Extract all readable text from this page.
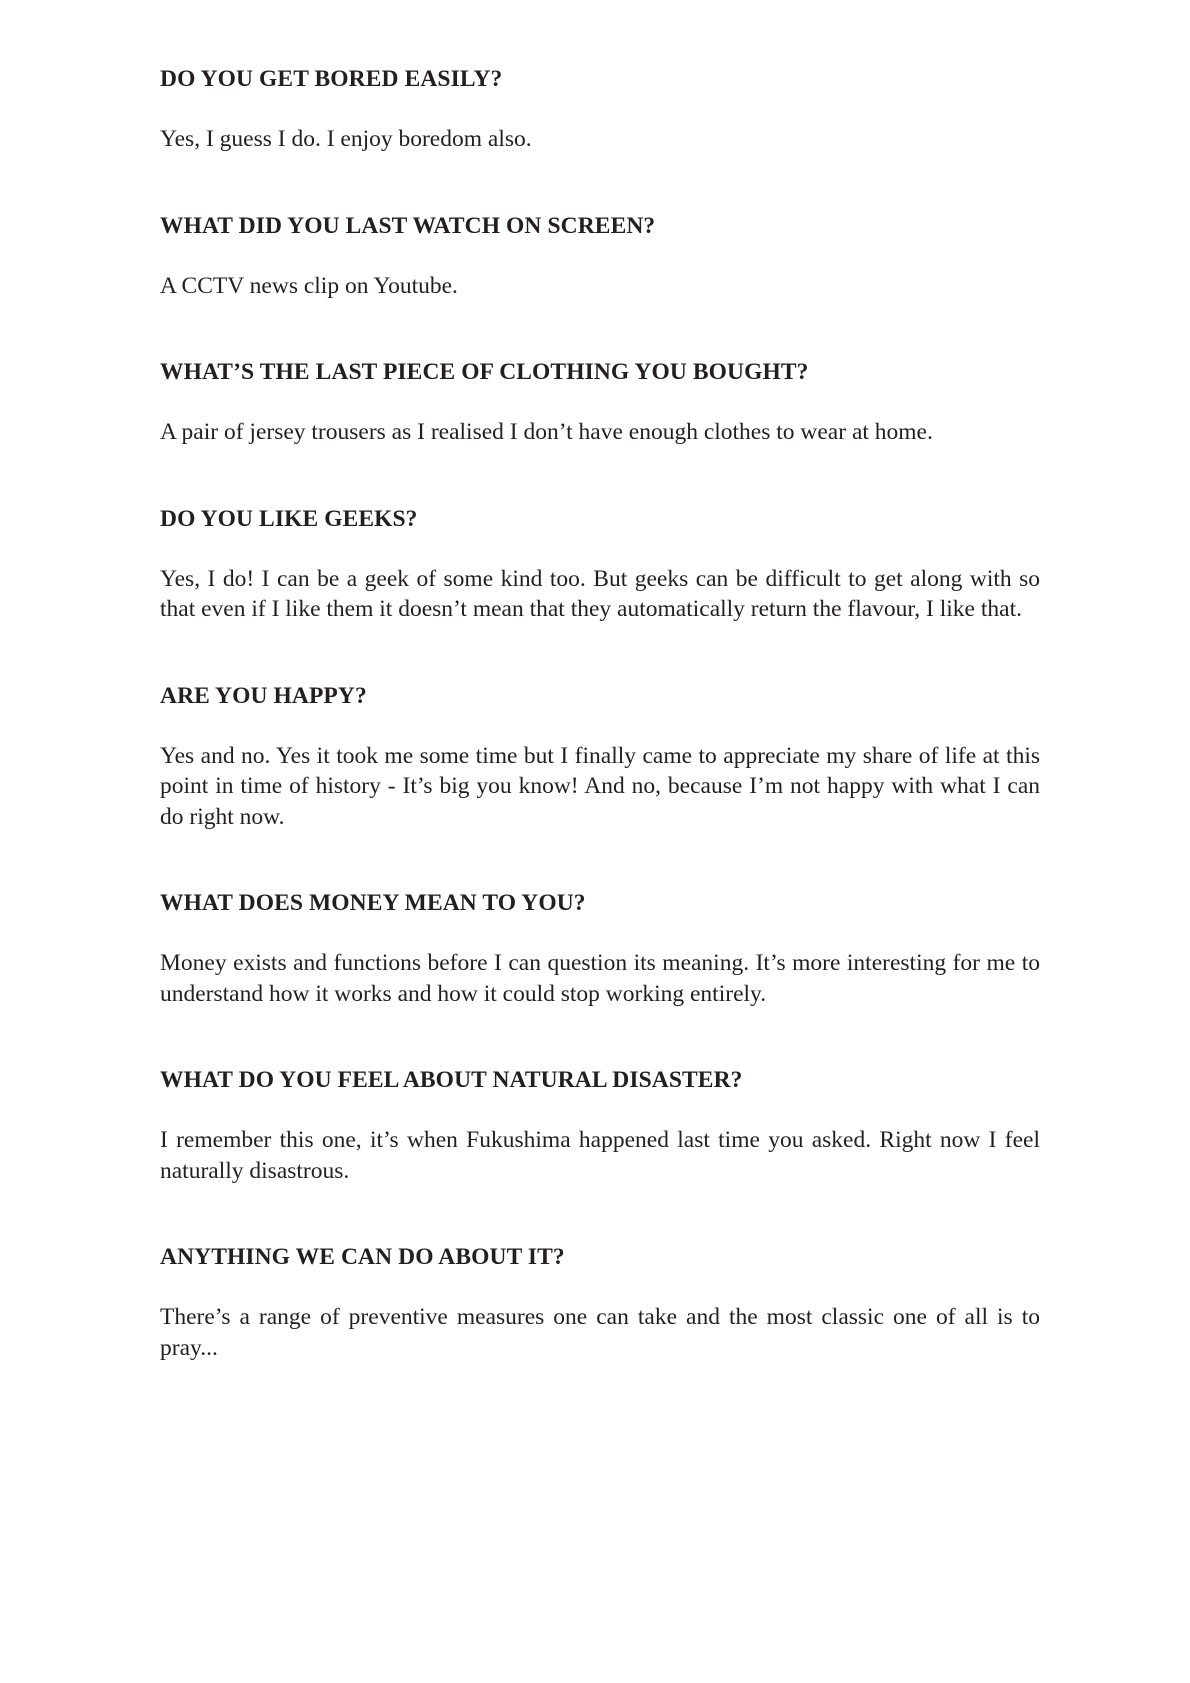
DO YOU GET BORED EASILY?

Yes, I guess I do. I enjoy boredom also.

WHAT DID YOU LAST WATCH ON SCREEN?

A CCTV news clip on Youtube.

WHAT’S THE LAST PIECE OF CLOTHING YOU BOUGHT?

A pair of jersey trousers as I realised I don’t have enough clothes to wear at home.

DO YOU LIKE GEEKS?

Yes, I do! I can be a geek of some kind too. But geeks can be difficult to get along with so that even if I like them it doesn’t mean that they automatically return the flavour, I like that.

ARE YOU HAPPY?

Yes and no. Yes it took me some time but I finally came to appreciate my share of life at this point in time of history - It’s big you know! And no, because I’m not happy with what I can do right now.

WHAT DOES MONEY MEAN TO YOU?

Money exists and functions before I can question its meaning. It’s more interesting for me to understand how it works and how it could stop working entirely.

WHAT DO YOU FEEL ABOUT NATURAL DISASTER?

I remember this one, it’s when Fukushima happened last time you asked. Right now I feel naturally disastrous.

ANYTHING WE CAN DO ABOUT IT?

There’s a range of preventive measures one can take and the most classic one of all is to pray...
